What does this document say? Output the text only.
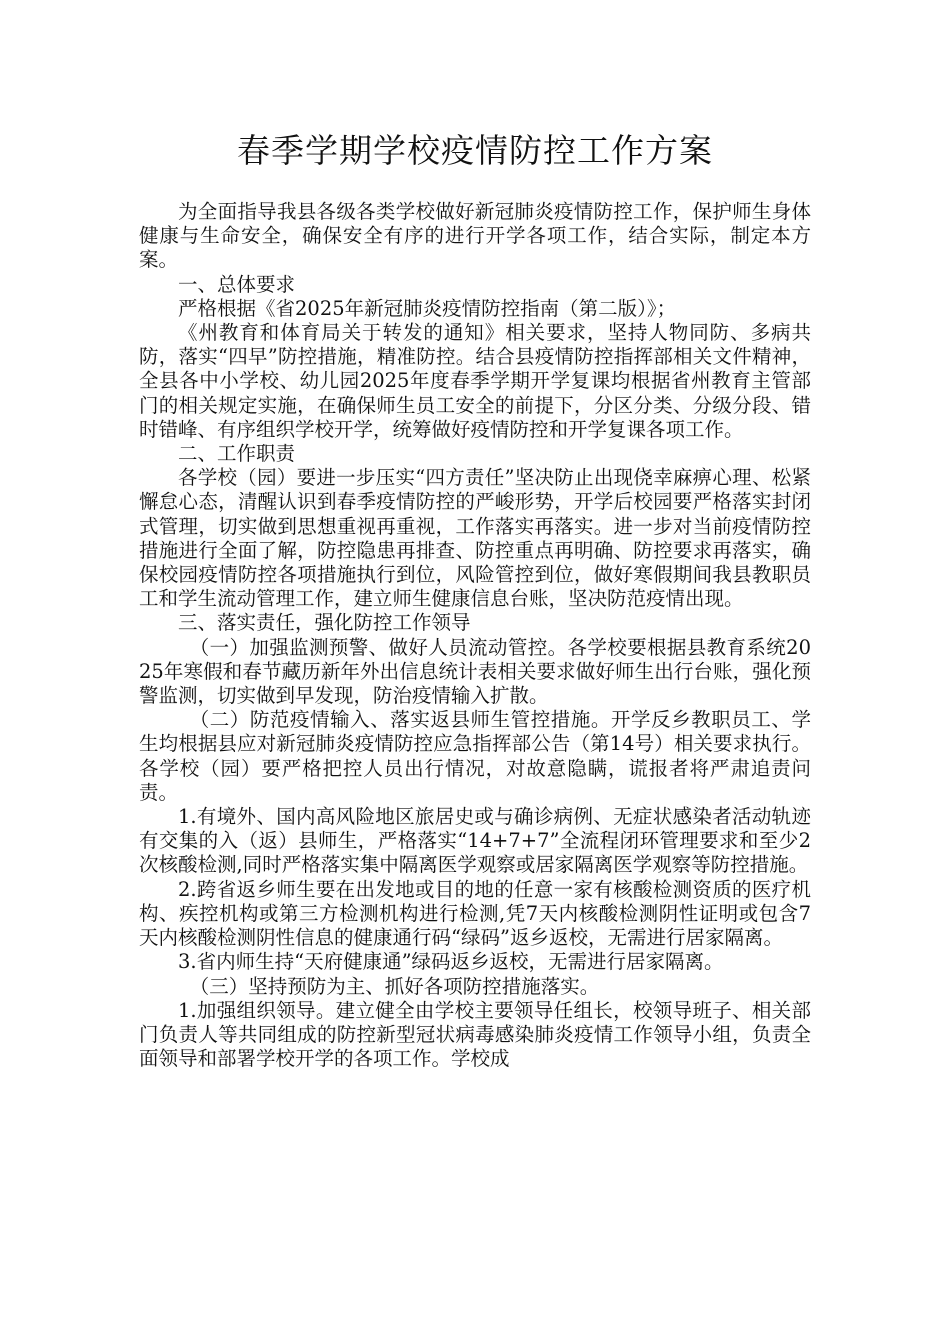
春季学期学校疫情防控工作方案

为全面指导我县各级各类学校做好新冠肺炎疫情防控工作，保护师生身体健康与生命安全，确保安全有序的进行开学各项工作，结合实际，制定本方案。

一、总体要求

严格根据《省2025年新冠肺炎疫情防控指南（第二版）》；

《州教育和体育局关于转发的通知》相关要求，坚持人物同防、多病共防，落实“四早”防控措施，精准防控。结合县疫情防控指挥部相关文件精神，全县各中小学校、幼儿园2025年度春季学期开学复课均根据省州教育主管部门的相关规定实施，在确保师生员工安全的前提下，分区分类、分级分段、错时错峰、有序组织学校开学，统筹做好疫情防控和开学复课各项工作。

二、工作职责

各学校（园）要进一步压实“四方责任”坚决防止出现侥幸麻痹心理、松紧懈怠心态，清醒认识到春季疫情防控的严峻形势，开学后校园要严格落实封闭式管理，切实做到思想重视再重视，工作落实再落实。进一步对当前疫情防控措施进行全面了解，防控隐患再排查、防控重点再明确、防控要求再落实，确保校园疫情防控各项措施执行到位，风险管控到位，做好寒假期间我县教职员工和学生流动管理工作，建立师生健康信息台账，坚决防范疫情出现。

三、落实责任，强化防控工作领导

（一）加强监测预警、做好人员流动管控。各学校要根据县教育系统2025年寒假和春节藏历新年外出信息统计表相关要求做好师生出行台账，强化预警监测，切实做到早发现，防治疫情输入扩散。

（二）防范疫情输入、落实返县师生管控措施。开学反乡教职员工、学生均根据县应对新冠肺炎疫情防控应急指挥部公告（第14号）相关要求执行。各学校（园）要严格把控人员出行情况，对故意隐瞒，谎报者将严肃追责问责。

1.有境外、国内高风险地区旅居史或与确诊病例、无症状感染者活动轨迹有交集的入（返）县师生，严格落实“14+7+7”全流程闭环管理要求和至少2次核酸检测,同时严格落实集中隔离医学观察或居家隔离医学观察等防控措施。

2.跨省返乡师生要在出发地或目的地的任意一家有核酸检测资质的医疗机构、疾控机构或第三方检测机构进行检测,凭7天内核酸检测阴性证明或包含7天内核酸检测阴性信息的健康通行码“绿码”返乡返校，无需进行居家隔离。

3.省内师生持“天府健康通”绿码返乡返校，无需进行居家隔离。

（三）坚持预防为主、抓好各项防控措施落实。

1.加强组织领导。建立健全由学校主要领导任组长，校领导班子、相关部门负责人等共同组成的防控新型冠状病毒感染肺炎疫情工作领导小组，负责全面领导和部署学校开学的各项工作。学校成
